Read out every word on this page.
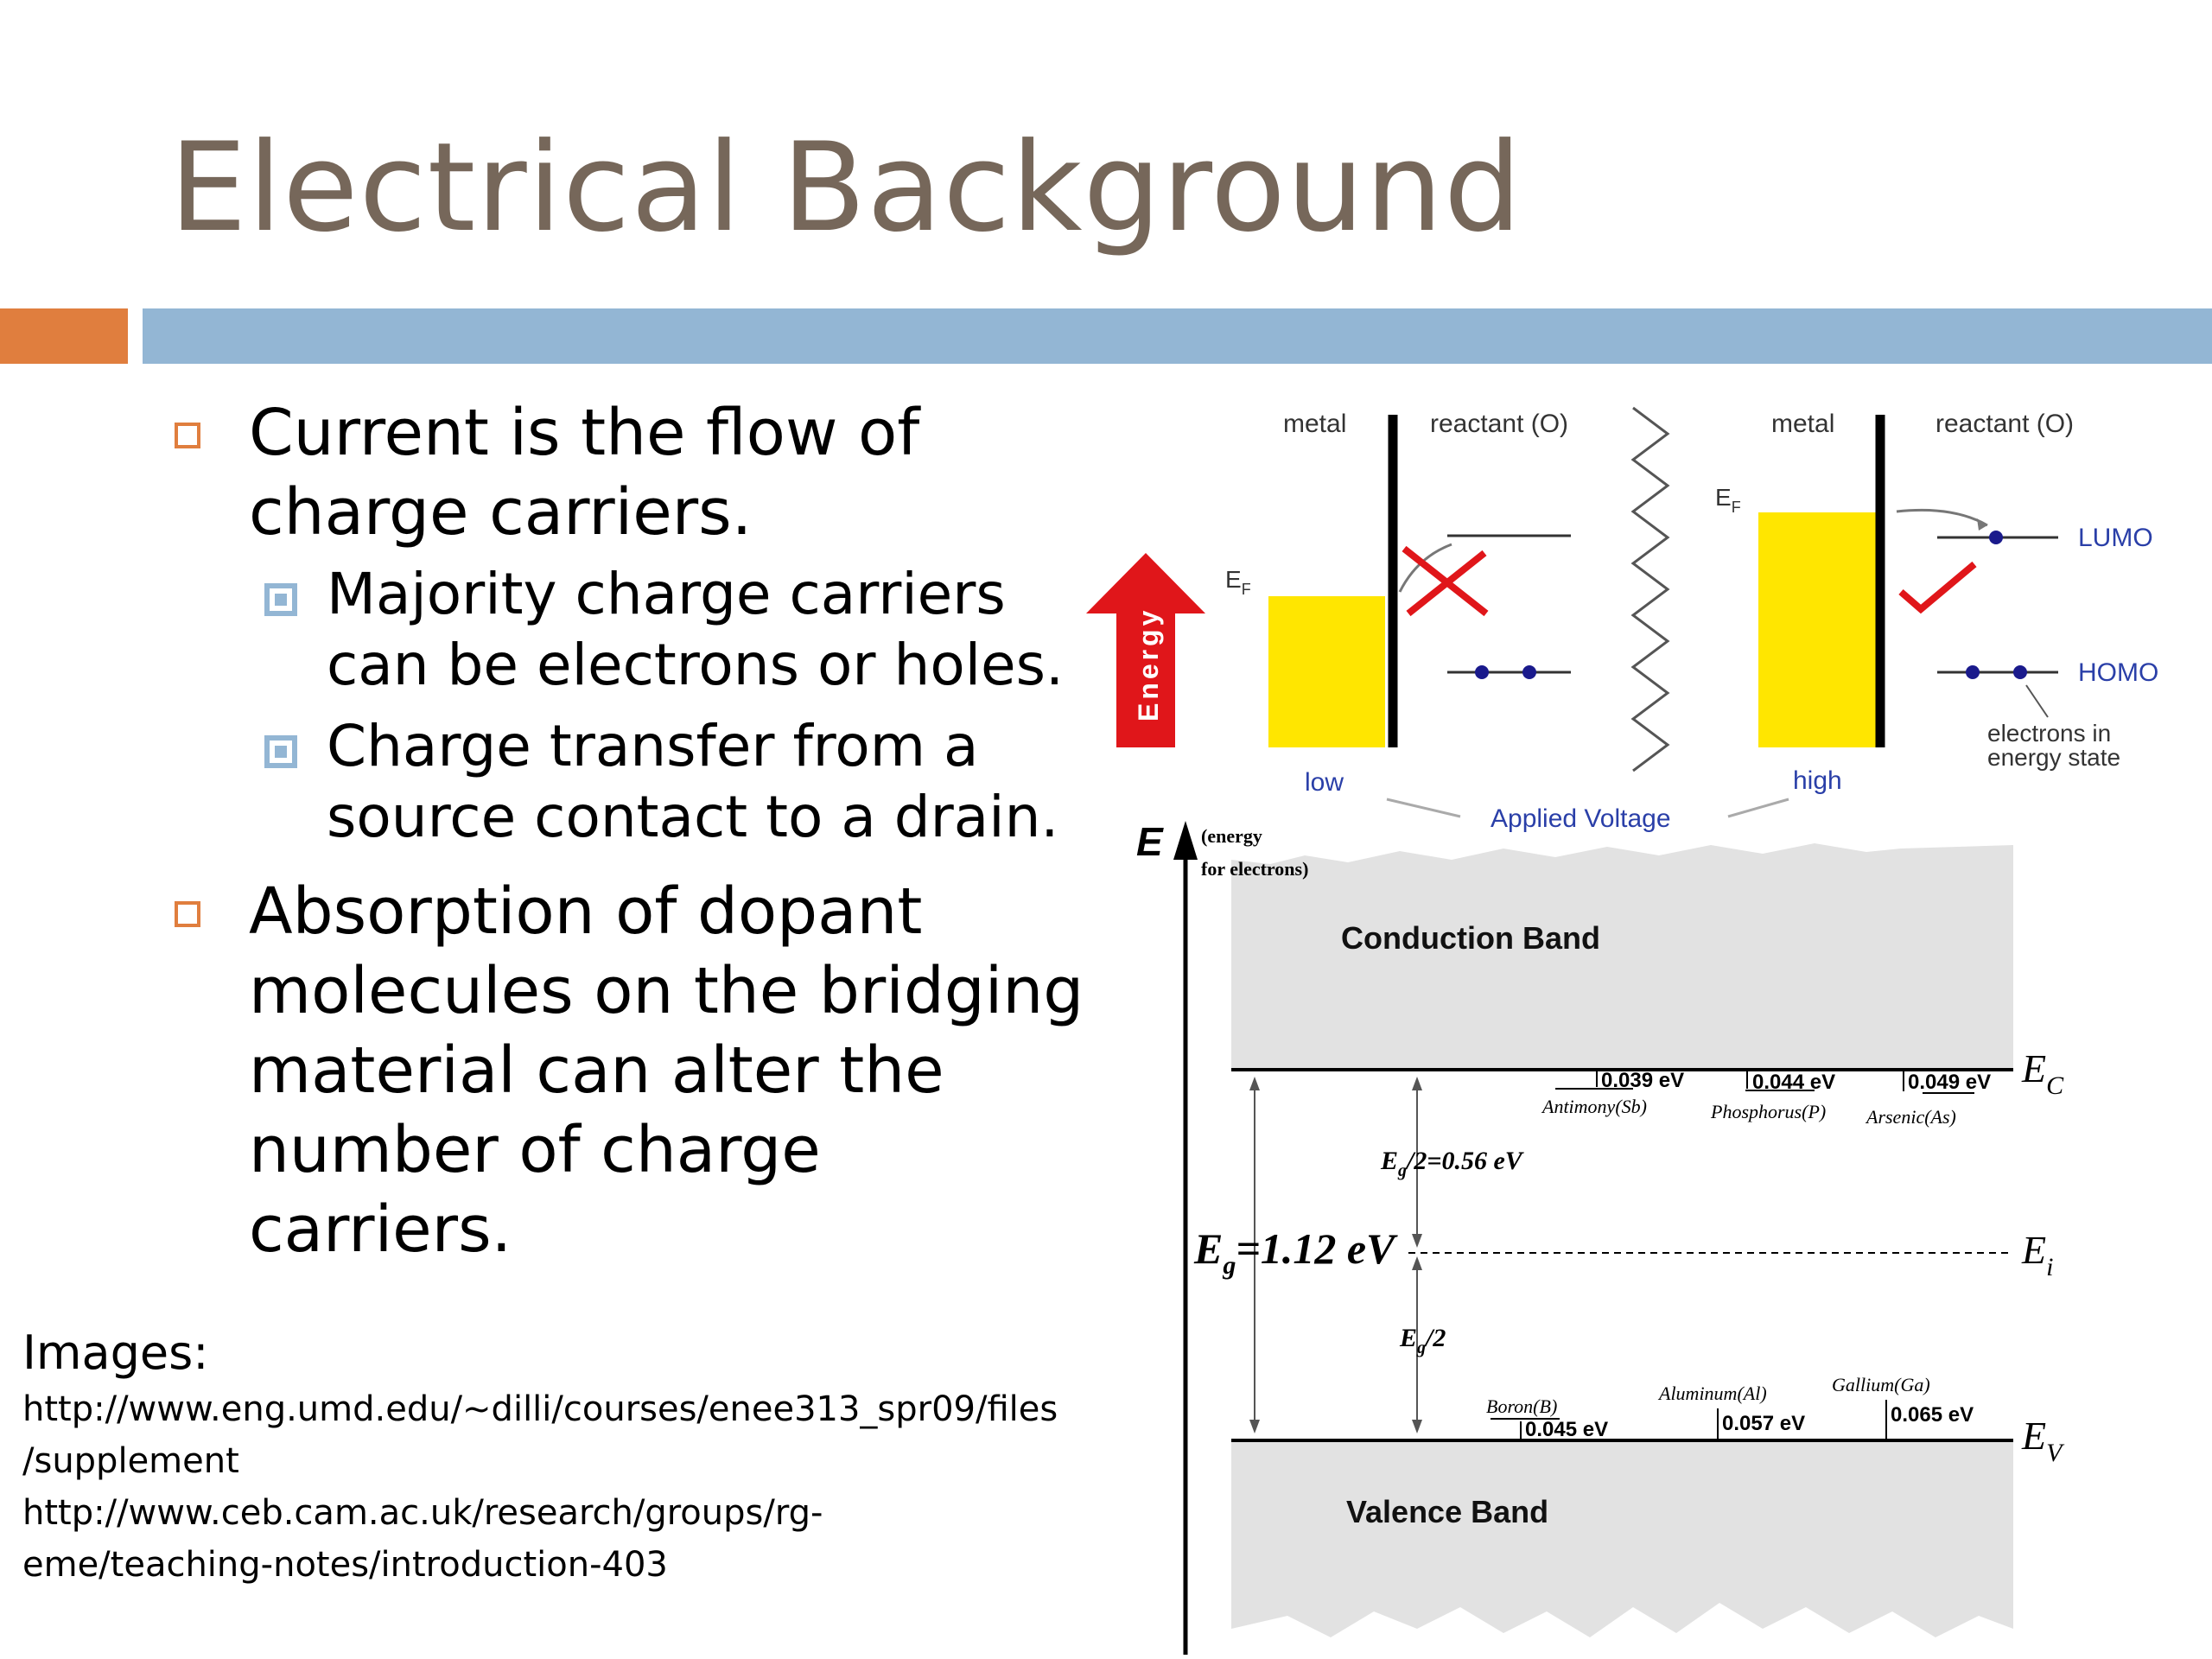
Electrical Background
Current is the flow of
charge carriers.
Majority charge carriers
can be electrons or holes.
Charge transfer from a
source contact to a drain.
Absorption of dopant
molecules on the bridging
material can alter the
number of charge
carriers.
Images:
http://www.eng.umd.edu/~dilli/courses/enee313_spr09/files
/supplement
http://www.ceb.cam.ac.uk/research/groups/rg-
eme/teaching-notes/introduction-403
Energy
metal	reactant (O)
$E_F$
metal	reactant (O)
$E_F$
LUMO
HOMO
electrons in energy state
low	high
Applied Voltage
E (energy for electrons)
Conduction Band
Valence Band
$E_C$
$E_i$
$E_V$
$E_g=1.12$ eV
$E_g/2=0.56$ eV
$E_g/2$
0.039 eV
Antimony(Sb)
0.044 eV
Phosphorus(P)
0.049 eV
Arsenic(As)
Boron(B)
0.045 eV
Aluminum(Al)
0.057 eV
Gallium(Ga)
0.065 eV
